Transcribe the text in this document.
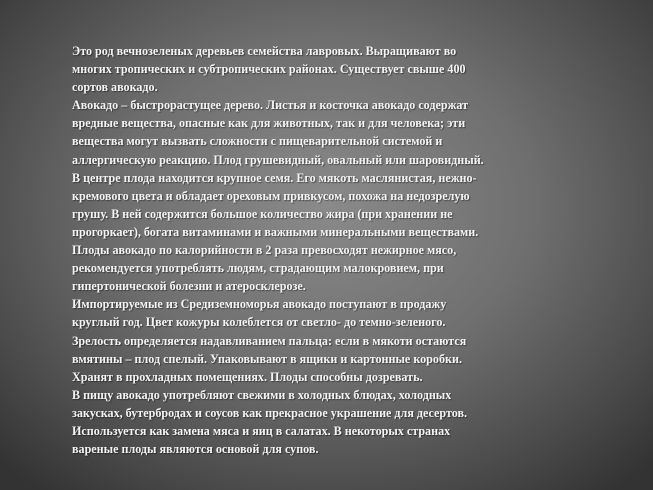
Это род вечнозеленых деревьев семейства лавровых. Выращивают во
многих тропических и субтропических районах. Существует свыше 400
сортов авокадо.
Авокадо – быстрорастущее дерево. Листья и косточка авокадо содержат
вредные вещества, опасные как для животных, так и для человека; эти
вещества могут вызвать сложности с пищеварительной системой и
аллергическую реакцию. Плод грушевидный, овальный или шаровидный.
В центре плода находится крупное семя. Его мякоть маслянистая, нежно-
кремового цвета и обладает ореховым привкусом, похожа на недозрелую
грушу. В ней содержится большое количество жира (при хранении не
прогоркает), богата витаминами и важными минеральными веществами.
Плоды авокадо по калорийности в 2 раза превосходят нежирное мясо,
рекомендуется употреблять людям, страдающим малокровием, при
гипертонической болезни и атеросклерозе.
Импортируемые из Средиземноморья авокадо поступают в продажу
круглый год. Цвет кожуры колеблется от светло- до темно-зеленого.
Зрелость определяется надавливанием пальца: если в мякоти остаются
вмятины – плод спелый. Упаковывают в ящики и картонные коробки.
Хранят в прохладных помещениях. Плоды способны дозревать.
В пищу авокадо употребляют свежими в холодных блюдах, холодных
закусках, бутербродах и соусов как прекрасное украшение для десертов.
Используется как замена мяса и яиц в салатах. В некоторых странах
вареные плоды являются основой для супов.
